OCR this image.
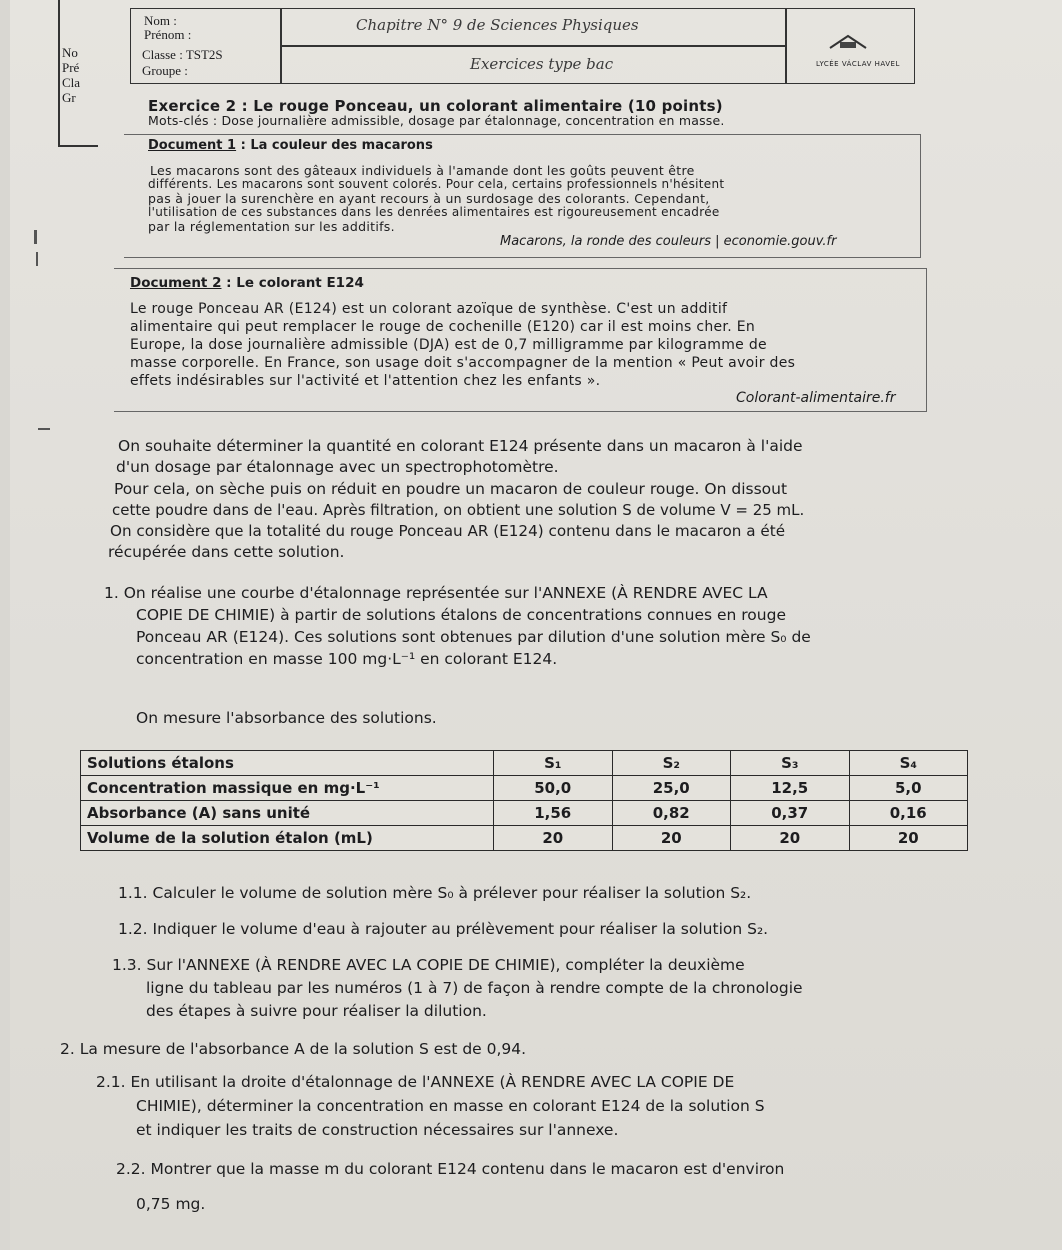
No
Pré
Cla
Gr
Nom :
Prénom :
Classe : TST2S
Groupe :
Chapitre N° 9 de Sciences Physiques
Exercices type bac	LYCÉE VÁCLAV HAVEL
Exercice 2 : Le rouge Ponceau, un colorant alimentaire (10 points)
Mots-clés : Dose journalière admissible, dosage par étalonnage, concentration en masse.
Document 1 : La couleur des macarons
Les macarons sont des gâteaux individuels à l'amande dont les goûts peuvent être
différents. Les macarons sont souvent colorés. Pour cela, certains professionnels n'hésitent
pas à jouer la surenchère en ayant recours à un surdosage des colorants. Cependant,
l'utilisation de ces substances dans les denrées alimentaires est rigoureusement encadrée
par la réglementation sur les additifs.
Macarons, la ronde des couleurs | economie.gouv.fr
Document 2 : Le colorant E124
Le rouge Ponceau AR (E124) est un colorant azoïque de synthèse. C'est un additif
alimentaire qui peut remplacer le rouge de cochenille (E120) car il est moins cher. En
Europe, la dose journalière admissible (DJA) est de 0,7 milligramme par kilogramme de
masse corporelle. En France, son usage doit s'accompagner de la mention « Peut avoir des
effets indésirables sur l'activité et l'attention chez les enfants ».
Colorant-alimentaire.fr
On souhaite déterminer la quantité en colorant E124 présente dans un macaron à l'aide
d'un dosage par étalonnage avec un spectrophotomètre.
Pour cela, on sèche puis on réduit en poudre un macaron de couleur rouge. On dissout
cette poudre dans de l'eau. Après filtration, on obtient une solution S de volume V = 25 mL.
On considère que la totalité du rouge Ponceau AR (E124) contenu dans le macaron a été
récupérée dans cette solution.
1. On réalise une courbe d'étalonnage représentée sur l'ANNEXE (À RENDRE AVEC LA
COPIE DE CHIMIE) à partir de solutions étalons de concentrations connues en rouge
Ponceau AR (E124). Ces solutions sont obtenues par dilution d'une solution mère S₀ de
concentration en masse 100 mg·L⁻¹ en colorant E124.
On mesure l'absorbance des solutions.
Solutions étalons	S₁	S₂	S₃	S₄
Concentration massique en mg·L⁻¹	50,0	25,0	12,5	5,0
Absorbance (A) sans unité	1,56	0,82	0,37	0,16
Volume de la solution étalon (mL)	20	20	20	20
1.1. Calculer le volume de solution mère S₀ à prélever pour réaliser la solution S₂.
1.2. Indiquer le volume d'eau à rajouter au prélèvement pour réaliser la solution S₂.
1.3. Sur l'ANNEXE (À RENDRE AVEC LA COPIE DE CHIMIE), compléter la deuxième
ligne du tableau par les numéros (1 à 7) de façon à rendre compte de la chronologie
des étapes à suivre pour réaliser la dilution.
2. La mesure de l'absorbance A de la solution S est de 0,94.
2.1. En utilisant la droite d'étalonnage de l'ANNEXE (À RENDRE AVEC LA COPIE DE
CHIMIE), déterminer la concentration en masse en colorant E124 de la solution S
et indiquer les traits de construction nécessaires sur l'annexe.
2.2. Montrer que la masse m du colorant E124 contenu dans le macaron est d'environ
0,75 mg.
